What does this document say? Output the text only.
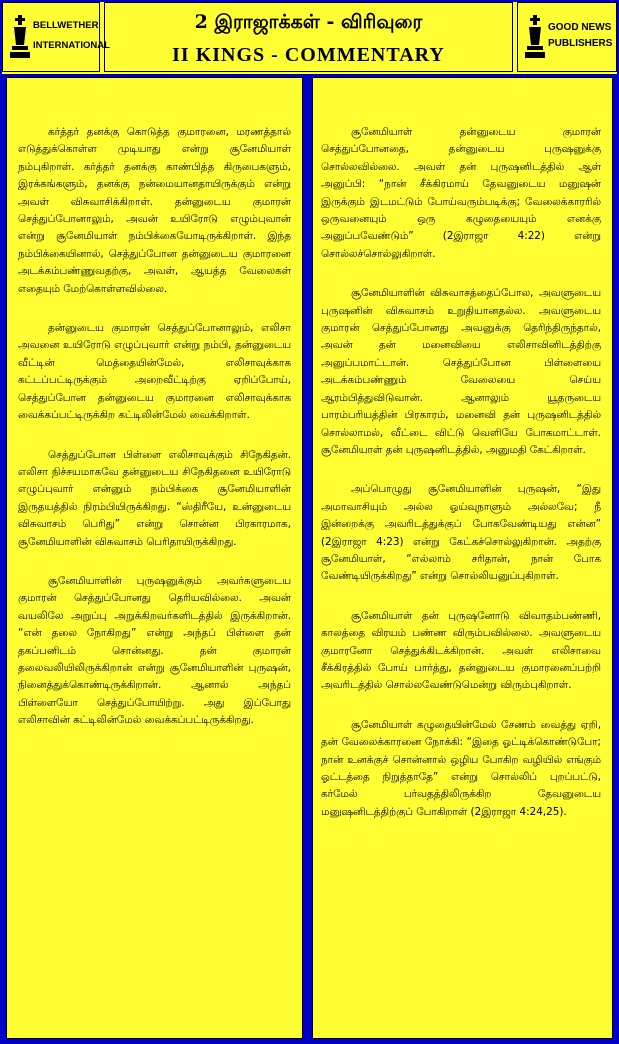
BELLWETHER
INTERNATIONAL
2 இராஜாக்கள் - விரிவுரை
II KINGS - COMMENTARY
GOOD NEWS
PUBLISHERS

கர்த்தர் தனக்கு கொடுத்த குமாரனை, மரணத்தால் எடுத்துக்கொள்ள முடியாது என்று சூனேமியாள் நம்புகிறாள். கர்த்தர் தனக்கு காண்பித்த கிருபைகளும், இரக்கங்களும், தனக்கு நன்மையானதாயிருக்கும் என்று அவள் விசுவாசிக்கிறாள். தன்னுடைய குமாரன் செத்துப்போனாலும், அவன் உயிரோடு எழும்புவான் என்று சூனேமியாள் நம்பிக்கையோடிருக்கிறாள். இந்த நம்பிக்கையினால், செத்துப்போன தன்னுடைய குமாரனை அடக்கம்பண்ணுவதற்கு, அவள், ஆயத்த வேலைகள் எதையும் மேற்கொள்ளவில்லை.

தன்னுடைய குமாரன் செத்துப்போனாலும், எலிசா அவனை உயிரோடு எழுப்புவார் என்று நம்பி, தன்னுடைய வீட்டின் மெத்தையின்மேல், எலிசாவுக்காக கட்டப்பட்டிருக்கும் அறைவீட்டிற்கு ஏறிப்போய், செத்துப்போன தன்னுடைய குமாரனை எலிசாவுக்காக வைக்கப்பட்டிருக்கிற கட்டிலின்மேல் வைக்கிறாள்.

செத்துப்போன பிள்ளை எலிசாவுக்கும் சிநேகிதன். எலிசா நிச்சயமாகவே தன்னுடைய சிநேகிதனை உயிரோடு எழுப்புவார் என்னும் நம்பிக்கை சூனேமியாளின் இருதயத்தில் நிரம்பியிருக்கிறது. “ஸ்திரீயே, உன்னுடைய விசுவாசம் பெரிது” என்று சொன்ன பிரகாரமாக, சூனேமியாளின் விசுவாசம் பெரிதாயிருக்கிறது.

சூனேமியாளின் புருஷனுக்கும் அவர்களுடைய குமாரன் செத்துப்போனது தெரியவில்லை. அவன் வயலிலே அறுப்பு அறுக்கிறவர்களிடத்தில் இருக்கிறான். “என் தலை நோகிறது” என்று அந்தப் பிள்ளை தன் தகப்பனிடம் சொன்னது. தன் குமாரன் தலைவலியிலிருக்கிறான் என்று சூனேமியாளின் புருஷன், நினைத்துக்கொண்டிருக்கிறான். ஆனால் அந்தப் பிள்ளையோ செத்துப்போயிற்று. அது இப்போது எலிசாவின் கட்டிலின்மேல் வைக்கப்பட்டிருக்கிறது.

சூனேமியாள் தன்னுடைய குமாரன் செத்துப்போனதை, தன்னுடைய புருஷனுக்கு சொல்லவில்லை. அவள் தன் புருஷனிடத்தில் ஆள் அனுப்பி: “நான் சீக்கிரமாய் தேவனுடைய மனுஷன் இருக்கும் இடமட்டும் போய்வரும்படிக்கு; வேலைக்காரரில் ஒருவனையும் ஒரு கழுதையையும் எனக்கு அனுப்பவேண்டும்” (2இராஜா 4:22) என்று சொல்லச்சொல்லுகிறாள்.

சூனேமியாளின் விசுவாசத்தைப்போல, அவளுடைய புருஷனின் விசுவாசம் உறுதியானதல்ல. அவளுடைய குமாரன் செத்துப்போனது அவனுக்கு தெரிந்திருந்தால், அவன் தன் மனைவியை எலிசாவினிடத்திற்கு அனுப்பமாட்டான். செத்துப்போன பிள்ளையை அடக்கம்பண்ணும் வேலையை செய்ய ஆரம்பித்துவிடுவான். ஆனாலும் யூதருடைய பாரம்பரியத்தின் பிரகாரம், மனைவி தன் புருஷனிடத்தில் சொல்லாமல், வீட்டை விட்டு வெளியே போகமாட்டாள். சூனேமியாள் தன் புருஷனிடத்தில், அனுமதி கேட்கிறாள்.

அப்பொழுது சூனேமியாளின் புருஷன், “இது அமாவாசியும் அல்ல ஓய்வுநாளும் அல்லவே; நீ இன்றைக்கு அவரிடத்துக்குப் போகவேண்டியது என்ன” (2இராஜா 4:23) என்று கேட்கச்சொல்லுகிறான். அதற்கு சூனேமியாள், “எல்லாம் சரிதான், நான் போக வேண்டியிருக்கிறது” என்று சொல்லியனுப்புகிறாள்.

சூனேமியாள் தன் புருஷனோடு விவாதம்பண்ணி, காலத்தை விரயம் பண்ண விரும்பவில்லை. அவளுடைய குமாரனோ செத்துக்கிடக்கிறான். அவள் எலிசாவை சீக்கிரத்தில் போய் பார்த்து, தன்னுடைய குமாரனைப்பற்றி அவரிடத்தில் சொல்லவேண்டுமென்று விரும்புகிறாள்.

சூனேமியாள் கழுதையின்மேல் சேணம் வைத்து ஏறி, தன் வேலைக்காரனை நோக்கி: “இதை ஓட்டிக்கொண்டுபோ; நான் உனக்குச் சொன்னால் ஒழிய போகிற வழியில் எங்கும் ஓட்டத்தை நிறுத்தாதே” என்று சொல்லிப் புறப்பட்டு, கர்மேல் பர்வதத்திலிருக்கிற தேவனுடைய மனுஷனிடத்திற்குப் போகிறாள் (2இராஜா 4:24,25).
